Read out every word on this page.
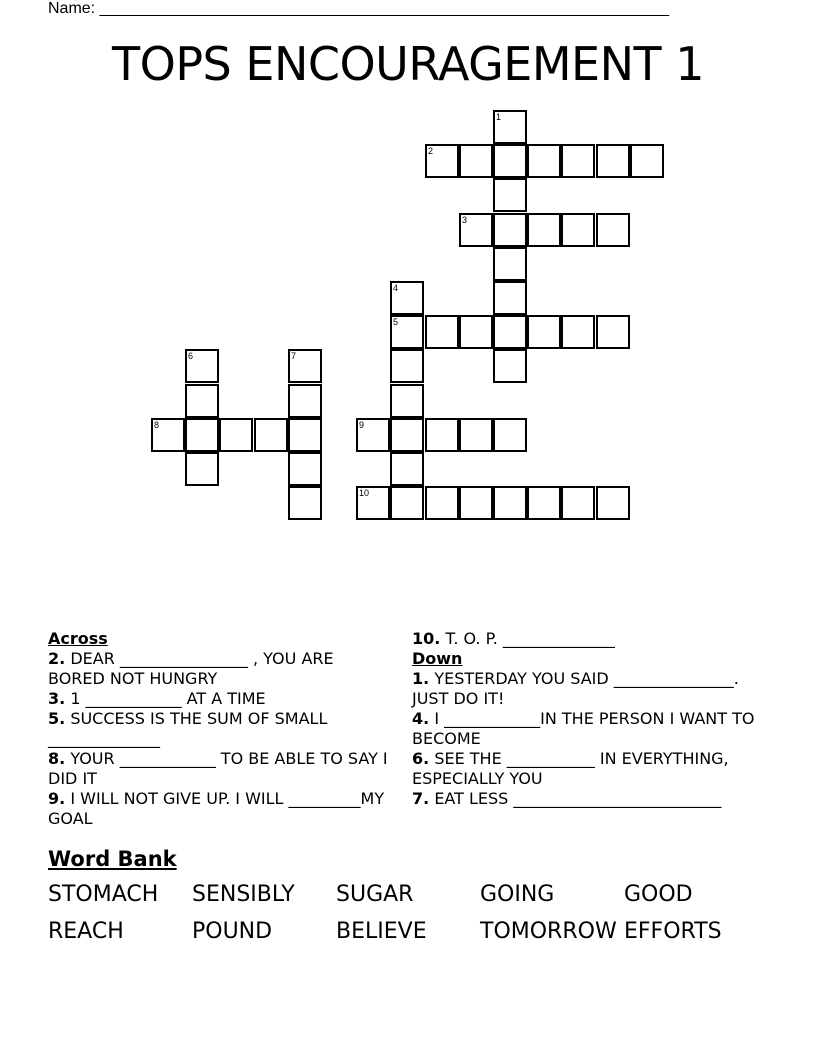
Name: ________________________________________________________________
TOPS ENCOURAGEMENT 1
1
2
3
4
5
6	7
8	9
10
Across
2. DEAR ________________ , YOU ARE BORED NOT HUNGRY
3. 1 ____________ AT A TIME
5. SUCCESS IS THE SUM OF SMALL ______________
8. YOUR ____________ TO BE ABLE TO SAY I DID IT
9. I WILL NOT GIVE UP. I WILL _________MY GOAL
10. T. O. P. ______________
Down
1. YESTERDAY YOU SAID _______________. JUST DO IT!
4. I ____________IN THE PERSON I WANT TO BECOME
6. SEE THE ___________ IN EVERYTHING, ESPECIALLY YOU
7. EAT LESS __________________________
Word Bank
STOMACH SENSIBLY SUGAR	GOING	GOOD
REACH	POUND	BELIEVE TOMORROW EFFORTS
